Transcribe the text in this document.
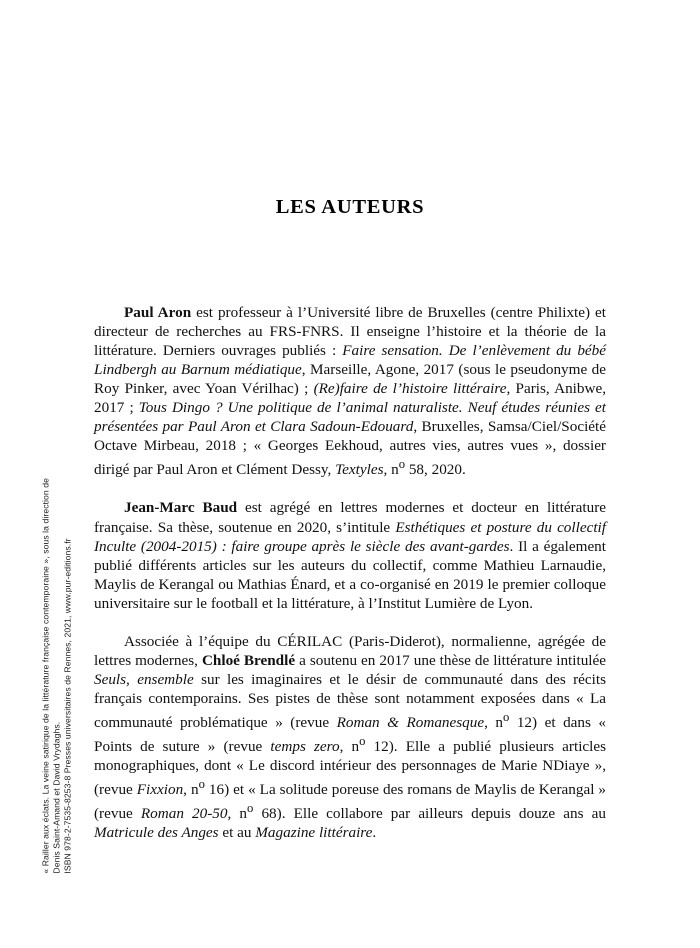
« Railler aux éclats. La veine satirique de la littérature française contemporaine », sous la direction de Denis Saint-Amand et David Vrydaghs. ISBN 978-2-7535-8253-8 Presses universitaires de Rennes, 2021, www.pur-editions.fr
LES AUTEURS

Paul Aron est professeur à l’Université libre de Bruxelles (centre Philixte) et directeur de recherches au FRS-FNRS. Il enseigne l’histoire et la théorie de la littérature. Derniers ouvrages publiés : Faire sensation. De l’enlèvement du bébé Lindbergh au Barnum médiatique, Marseille, Agone, 2017 (sous le pseudonyme de Roy Pinker, avec Yoan Vérilhac) ; (Re)faire de l’histoire littéraire, Paris, Anibwe, 2017 ; Tous Dingo ? Une politique de l’animal naturaliste. Neuf études réunies et présentées par Paul Aron et Clara Sadoun-Edouard, Bruxelles, Samsa/Ciel/Société Octave Mirbeau, 2018 ; « Georges Eekhoud, autres vies, autres vues », dossier dirigé par Paul Aron et Clément Dessy, Textyles, $n^o$ 58, 2020.

Jean-Marc Baud est agrégé en lettres modernes et docteur en littérature française. Sa thèse, soutenue en 2020, s’intitule Esthétiques et posture du collectif Inculte (2004-2015) : faire groupe après le siècle des avant-gardes. Il a également publié différents articles sur les auteurs du collectif, comme Mathieu Larnaudie, Maylis de Kerangal ou Mathias Énard, et a co-organisé en 2019 le premier colloque universitaire sur le football et la littérature, à l’Institut Lumière de Lyon.

Associée à l’équipe du CÉRILAC (Paris-Diderot), normalienne, agrégée de lettres modernes, Chloé Brendlé a soutenu en 2017 une thèse de littérature intitulée Seuls, ensemble sur les imaginaires et le désir de communauté dans des récits français contemporains. Ses pistes de thèse sont notamment exposées dans « La communauté problématique » (revue Roman & Romanesque, $n^o$ 12) et dans « Points de suture » (revue temps zero, $n^o$ 12). Elle a publié plusieurs articles monographiques, dont « Le discord intérieur des personnages de Marie NDiaye », (revue Fixxion, $n^o$ 16) et « La solitude poreuse des romans de Maylis de Kerangal » (revue Roman 20-50, $n^o$ 68). Elle collabore par ailleurs depuis douze ans au Matricule des Anges et au Magazine littéraire.
